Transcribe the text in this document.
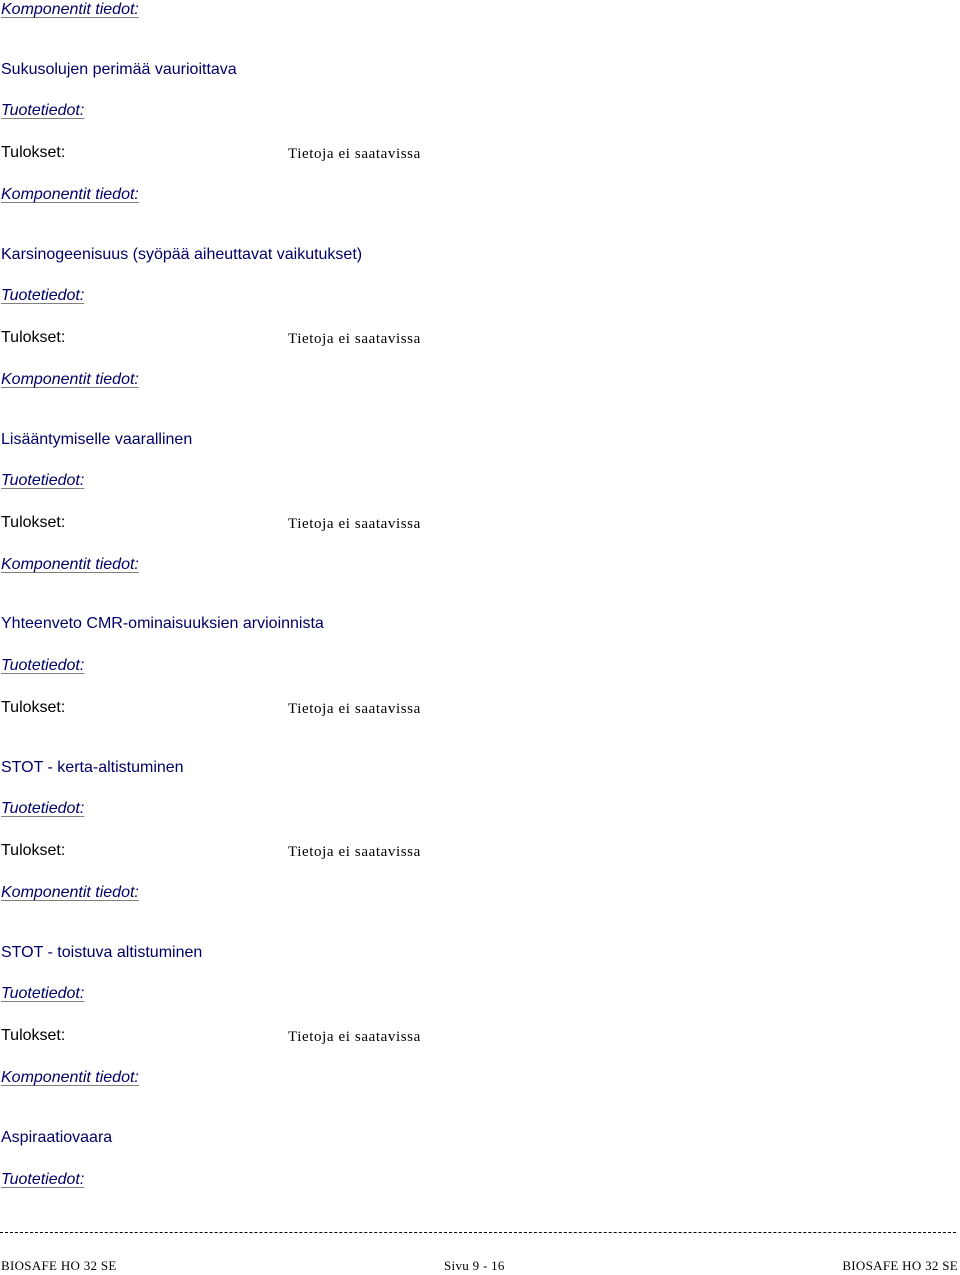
Komponentit tiedot:
Sukusolujen perimää vaurioittava
Tuotetiedot:
Tulokset:	Tietoja ei saatavissa
Komponentit tiedot:
Karsinogeenisuus (syöpää aiheuttavat vaikutukset)
Tuotetiedot:
Tulokset:	Tietoja ei saatavissa
Komponentit tiedot:
Lisääntymiselle vaarallinen
Tuotetiedot:
Tulokset:	Tietoja ei saatavissa
Komponentit tiedot:
Yhteenveto CMR-ominaisuuksien arvioinnista
Tuotetiedot:
Tulokset:	Tietoja ei saatavissa
STOT - kerta-altistuminen
Tuotetiedot:
Tulokset:	Tietoja ei saatavissa
Komponentit tiedot:
STOT - toistuva altistuminen
Tuotetiedot:
Tulokset:	Tietoja ei saatavissa
Komponentit tiedot:
Aspiraatiovaara
Tuotetiedot:
BIOSAFE HO 32 SE	Sivu 9 - 16	BIOSAFE HO 32 SE
